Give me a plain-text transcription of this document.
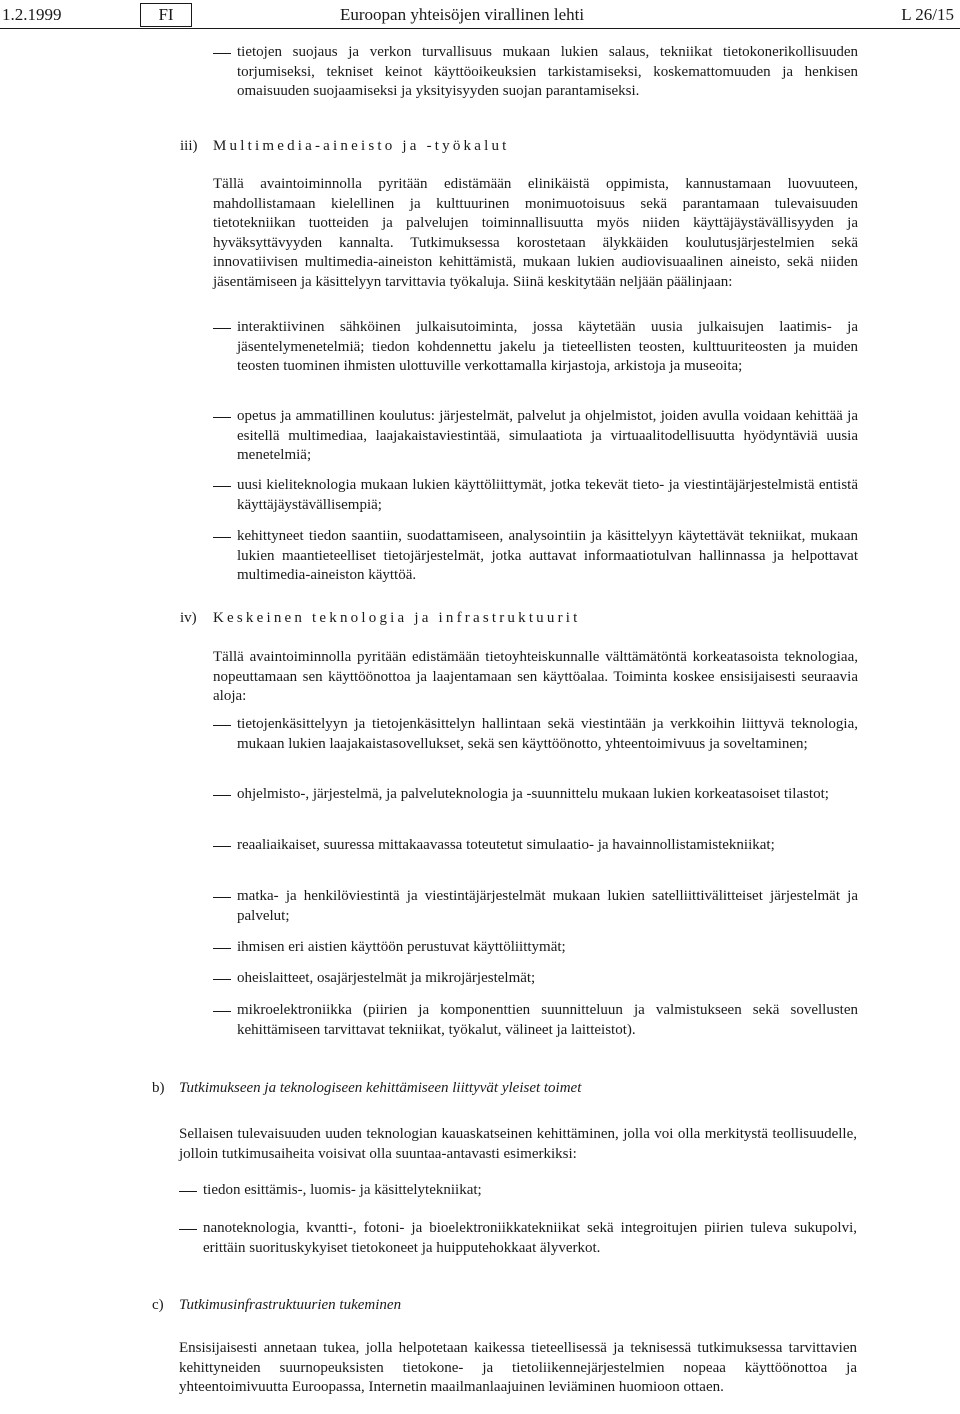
1.2.1999	FI	Euroopan yhteisöjen virallinen lehti	L 26/15
tietojen suojaus ja verkon turvallisuus mukaan lukien salaus, tekniikat tietokonerikollisuuden torjumiseksi, tekniset keinot käyttöoikeuksien tarkistamiseksi, koskemattomuuden ja henkisen omaisuuden suojaamiseksi ja yksityisyyden suojan parantamiseksi.
iii) Multimedia-aineisto ja -työkalut

Tällä avaintoiminnolla pyritään edistämään elinikäistä oppimista, kannustamaan luovuuteen, mahdollistamaan kielellinen ja kulttuurinen monimuotoisuus sekä parantamaan tulevaisuuden tietotekniikan tuotteiden ja palvelujen toiminnallisuutta myös niiden käyttäjäystävällisyyden ja hyväksyttävyyden kannalta. Tutkimuksessa korostetaan älykkäiden koulutusjärjestelmien sekä innovatiivisen multimedia-aineiston kehittämistä, mukaan lukien audiovisuaalinen aineisto, sekä niiden jäsentämiseen ja käsittelyyn tarvittavia työkaluja. Siinä keskitytään neljään päälinjaan:

interaktiivinen sähköinen julkaisutoiminta, jossa käytetään uusia julkaisujen laatimis- ja jäsentelymenetelmiä; tiedon kohdennettu jakelu ja tieteellisten teosten, kulttuuriteosten ja muiden teosten tuominen ihmisten ulottuville verkottamalla kirjastoja, arkistoja ja museoita;
opetus ja ammatillinen koulutus: järjestelmät, palvelut ja ohjelmistot, joiden avulla voidaan kehittää ja esitellä multimediaa, laajakaistaviestintää, simulaatiota ja virtuaalitodellisuutta hyödyntäviä uusia menetelmiä;
uusi kieliteknologia mukaan lukien käyttöliittymät, jotka tekevät tieto- ja viestintäjärjestelmistä entistä käyttäjäystävällisempiä;
kehittyneet tiedon saantiin, suodattamiseen, analysointiin ja käsittelyyn käytettävät tekniikat, mukaan lukien maantieteelliset tietojärjestelmät, jotka auttavat informaatiotulvan hallinnassa ja helpottavat multimedia-aineiston käyttöä.
iv) Keskeinen teknologia ja infrastruktuurit

Tällä avaintoiminnolla pyritään edistämään tietoyhteiskunnalle välttämätöntä korkeatasoista teknologiaa, nopeuttamaan sen käyttöönottoa ja laajentamaan sen käyttöalaa. Toiminta koskee ensisijaisesti seuraavia aloja:

tietojenkäsittelyyn ja tietojenkäsittelyn hallintaan sekä viestintään ja verkkoihin liittyvä teknologia, mukaan lukien laajakaistasovellukset, sekä sen käyttöönotto, yhteentoimivuus ja soveltaminen;
ohjelmisto-, järjestelmä, ja palveluteknologia ja -suunnittelu mukaan lukien korkeatasoiset tilastot;
reaaliaikaiset, suuressa mittakaavassa toteutetut simulaatio- ja havainnollistamistekniikat;
matka- ja henkilöviestintä ja viestintäjärjestelmät mukaan lukien satelliittivälitteiset järjestelmät ja palvelut;
ihmisen eri aistien käyttöön perustuvat käyttöliittymät;
oheislaitteet, osajärjestelmät ja mikrojärjestelmät;
mikroelektroniikka (piirien ja komponenttien suunnitteluun ja valmistukseen sekä sovellusten kehittämiseen tarvittavat tekniikat, työkalut, välineet ja laitteistot).
b) Tutkimukseen ja teknologiseen kehittämiseen liittyvät yleiset toimet

Sellaisen tulevaisuuden uuden teknologian kauaskatseinen kehittäminen, jolla voi olla merkitystä teollisuudelle, jolloin tutkimusaiheita voisivat olla suuntaa-antavasti esimerkiksi:

tiedon esittämis-, luomis- ja käsittelytekniikat;
nanoteknologia, kvantti-, fotoni- ja bioelektroniikkatekniikat sekä integroitujen piirien tuleva sukupolvi, erittäin suorituskykyiset tietokoneet ja huipputehokkaat älyverkot.
c) Tutkimusinfrastruktuurien tukeminen

Ensisijaisesti annetaan tukea, jolla helpotetaan kaikessa tieteellisessä ja teknisessä tutkimuksessa tarvittavien kehittyneiden suurnopeuksisten tietokone- ja tietoliikennejärjestelmien nopeaa käyttöönottoa ja yhteentoimivuutta Euroopassa, Internetin maailmanlaajuinen leviäminen huomioon ottaen.
